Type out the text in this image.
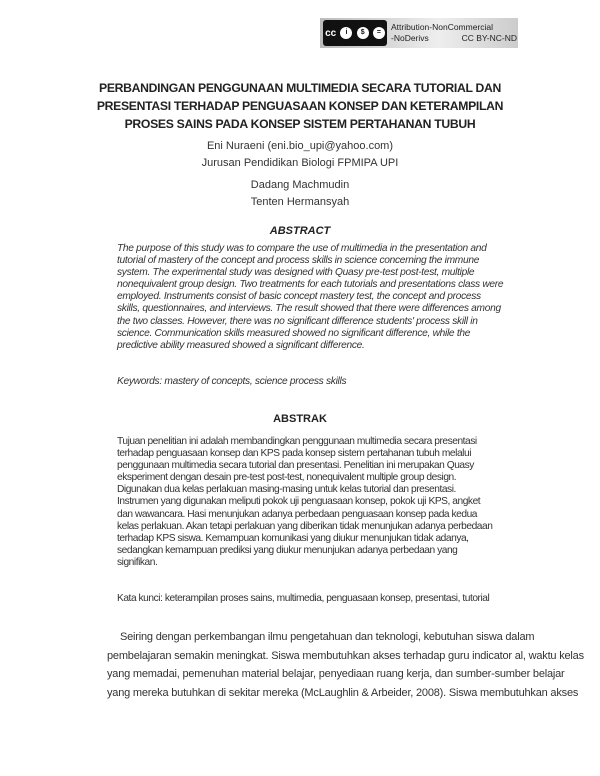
cc	i	$	=
Attribution-NonCommercial
-NoDerivs	CC BY-NC-ND
PERBANDINGAN PENGGUNAAN MULTIMEDIA SECARA TUTORIAL DAN
PRESENTASI TERHADAP PENGUASAAN KONSEP DAN KETERAMPILAN
PROSES SAINS PADA KONSEP SISTEM PERTAHANAN TUBUH
Eni Nuraeni (eni.bio_upi@yahoo.com)
Jurusan Pendidikan Biologi FPMIPA UPI
Dadang Machmudin
Tenten Hermansyah
ABSTRACT
The purpose of this study was to compare the use of multimedia in the presentation and
tutorial of mastery of the concept and process skills in science concerning the immune
system. The experimental study was designed with Quasy pre-test post-test, multiple
nonequivalent group design. Two treatments for each tutorials and presentations class were
employed. Instruments consist of basic concept mastery test, the concept and process
skills, questionnaires, and interviews. The result showed that there were differences among
the two classes. However, there was no significant difference students' process skill in
science. Communication skills measured showed no significant difference, while the
predictive ability measured showed a significant difference.
Keywords: mastery of concepts, science process skills
ABSTRAK
Tujuan penelitian ini adalah membandingkan penggunaan multimedia secara presentasi
terhadap penguasaan konsep dan KPS pada konsep sistem pertahanan tubuh melalui
penggunaan multimedia secara tutorial dan presentasi. Penelitian ini merupakan Quasy
eksperiment dengan desain pre-test post-test, nonequivalent multiple group design.
Digunakan dua kelas perlakuan masing-masing untuk kelas tutorial dan presentasi.
Instrumen yang digunakan meliputi pokok uji penguasaan konsep, pokok uji KPS, angket
dan wawancara. Hasi menunjukan adanya perbedaan penguasaan konsep pada kedua
kelas perlakuan. Akan tetapi perlakuan yang diberikan tidak menunjukan adanya perbedaan
terhadap KPS siswa. Kemampuan komunikasi yang diukur menunjukan tidak adanya,
sedangkan kemampuan prediksi yang diukur menunjukan adanya perbedaan yang
signifikan.
Kata kunci: keterampilan proses sains, multimedia, penguasaan konsep, presentasi, tutorial
Seiring dengan perkembangan ilmu pengetahuan dan teknologi, kebutuhan siswa dalam
pembelajaran semakin meningkat. Siswa membutuhkan akses terhadap guru indicator al, waktu kelas
yang memadai, pemenuhan material belajar, penyediaan ruang kerja, dan sumber-sumber belajar
yang mereka butuhkan di sekitar mereka (McLaughlin & Arbeider, 2008). Siswa membutuhkan akses
